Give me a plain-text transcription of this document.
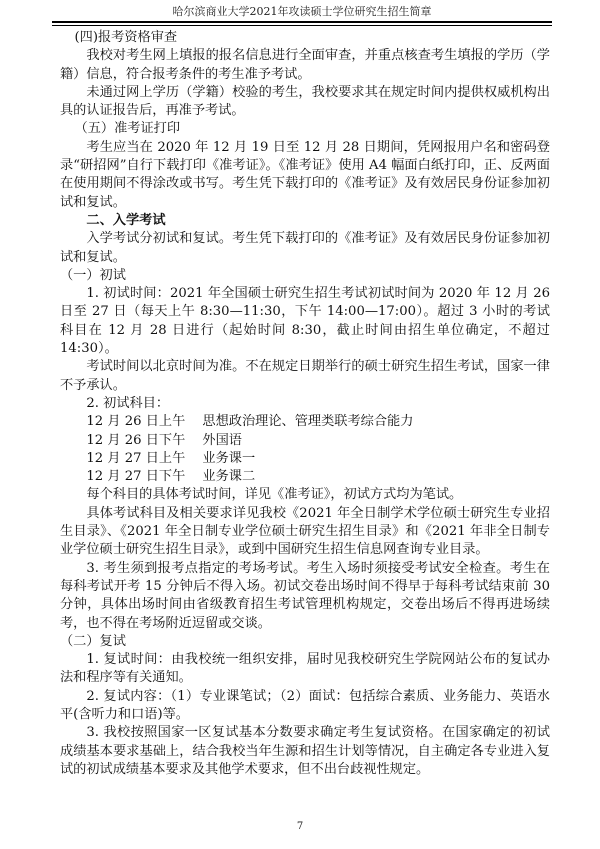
哈尔滨商业大学2021年攻读硕士学位研究生招生简章

(四)报考资格审查

我校对考生网上填报的报名信息进行全面审查，并重点核查考生填报的学历（学籍）信息，符合报考条件的考生准予考试。

未通过网上学历（学籍）校验的考生，我校要求其在规定时间内提供权威机构出具的认证报告后，再准予考试。

（五）准考证打印

考生应当在 2020 年 12 月 19 日至 12 月 28 日期间，凭网报用户名和密码登录“研招网”自行下载打印《准考证》。《准考证》使用 A4 幅面白纸打印，正、反两面在使用期间不得涂改或书写。考生凭下载打印的《准考证》及有效居民身份证参加初试和复试。

二、入学考试

入学考试分初试和复试。考生凭下载打印的《准考证》及有效居民身份证参加初试和复试。

（一）初试

1. 初试时间：2021 年全国硕士研究生招生考试初试时间为 2020 年 12 月 26 日至 27 日（每天上午 8:30—11:30，下午 14:00—17:00）。超过 3 小时的考试科目在 12 月 28 日进行（起始时间 8:30，截止时间由招生单位确定，不超过 14:30）。

考试时间以北京时间为准。不在规定日期举行的硕士研究生招生考试，国家一律不予承认。

2. 初试科目：

12 月 26 日上午	思想政治理论、管理类联考综合能力
12 月 26 日下午	外国语
12 月 27 日上午	业务课一
12 月 27 日下午	业务课二

每个科目的具体考试时间，详见《准考证》，初试方式均为笔试。

具体考试科目及相关要求详见我校《2021 年全日制学术学位硕士研究生专业招生目录》、《2021 年全日制专业学位硕士研究生招生目录》和《2021 年非全日制专业学位硕士研究生招生目录》，或到中国研究生招生信息网查询专业目录。

3. 考生须到报考点指定的考场考试。考生入场时须接受考试安全检查。考生在每科考试开考 15 分钟后不得入场。初试交卷出场时间不得早于每科考试结束前 30 分钟，具体出场时间由省级教育招生考试管理机构规定，交卷出场后不得再进场续考，也不得在考场附近逗留或交谈。

（二）复试

1. 复试时间：由我校统一组织安排，届时见我校研究生学院网站公布的复试办法和程序等有关通知。

2. 复试内容：（1）专业课笔试；（2）面试：包括综合素质、业务能力、英语水平(含听力和口语)等。

3. 我校按照国家一区复试基本分数要求确定考生复试资格。在国家确定的初试成绩基本要求基础上，结合我校当年生源和招生计划等情况，自主确定各专业进入复试的初试成绩基本要求及其他学术要求，但不出台歧视性规定。

7
